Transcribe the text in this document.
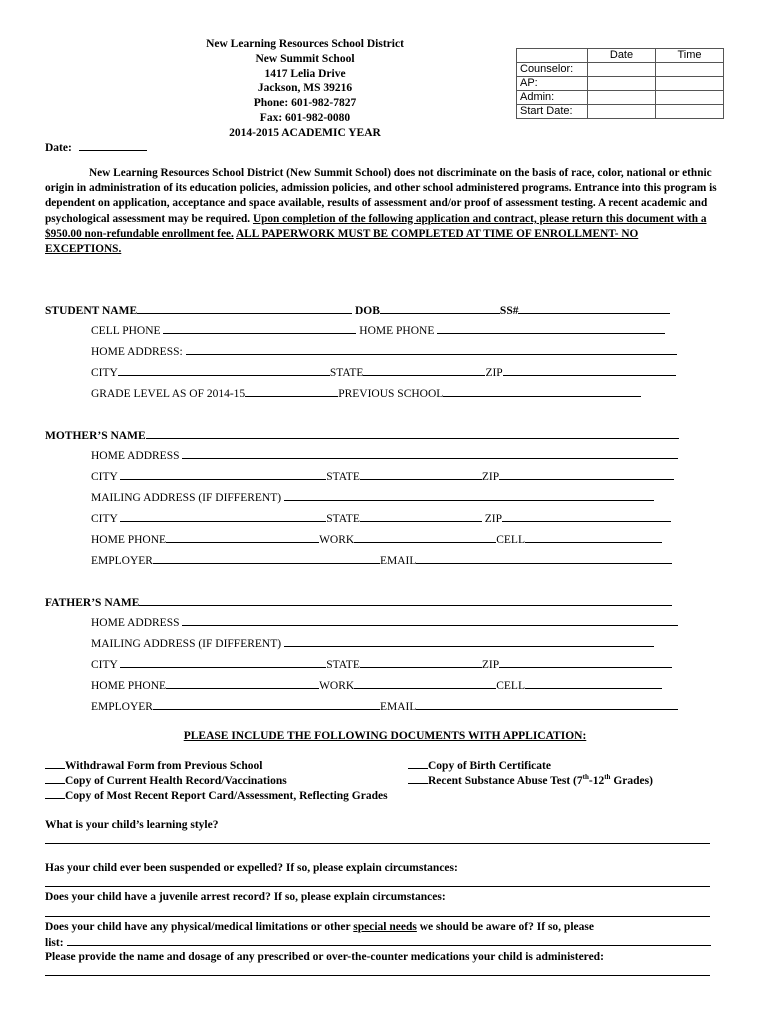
New Learning Resources School District
New Summit School
1417 Lelia Drive
Jackson, MS 39216
Phone: 601-982-7827
Fax: 601-982-0080
2014-2015 ACADEMIC YEAR
	Date	Time
Counselor:		
AP:		
Admin:		
Start Date:		
Date:
New Learning Resources School District (New Summit School) does not discriminate on the basis of race, color, national or ethnic origin in administration of its education policies, admission policies, and other school administered programs. Entrance into this program is dependent on application, acceptance and space available, results of assessment and/or proof of assessment testing. A recent academic and psychological assessment may be required. Upon completion of the following application and contract, please return this document with a $950.00 non-refundable enrollment fee. ALL PAPERWORK MUST BE COMPLETED AT TIME OF ENROLLMENT- NO EXCEPTIONS.
STUDENT NAME	DOB	SS#
CELL PHONE	HOME PHONE
HOME ADDRESS:
CITY	STATE	ZIP
GRADE LEVEL AS OF 2014-15	PREVIOUS SCHOOL
MOTHER’S NAME
HOME ADDRESS
CITY	STATE	ZIP
MAILING ADDRESS (IF DIFFERENT)
CITY	STATE	ZIP
HOME PHONE	WORK	CELL
EMPLOYER	EMAIL
FATHER’S NAME
HOME ADDRESS
MAILING ADDRESS (IF DIFFERENT)
CITY	STATE	ZIP
HOME PHONE	WORK	CELL
EMPLOYER	EMAIL
PLEASE INCLUDE THE FOLLOWING DOCUMENTS WITH APPLICATION:
Withdrawal Form from Previous School	Copy of Birth Certificate
Copy of Current Health Record/Vaccinations	Recent Substance Abuse Test (7th-12th Grades)
Copy of Most Recent Report Card/Assessment, Reflecting Grades
What is your child’s learning style?
Has your child ever been suspended or expelled? If so, please explain circumstances:
Does your child have a juvenile arrest record? If so, please explain circumstances:
Does your child have any physical/medical limitations or other special needs we should be aware of? If so, please
list:
Please provide the name and dosage of any prescribed or over-the-counter medications your child is administered:
